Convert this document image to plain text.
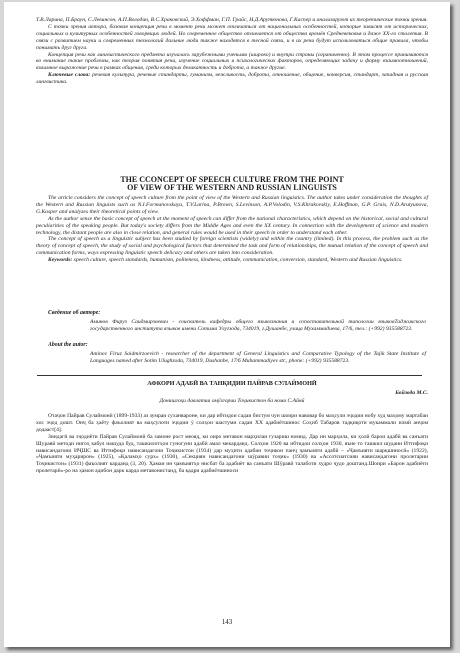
Т.В.Ларина, П.Браун, С.Левинсон, А.П.Володин, В.С.Храковский, Э.Хоффман, Г.П. Грайс, Н.Д.Арутюнова, Г.Каспер и анализируют их теоретические точки зрения.
С точки зрения автора, базовая концепция речи в момент речи может отличаться от национальных особенностей, которые зависят от исторических, социальных и культурных особенностей говорящих людей. Но современное общество отличается от общества времён Средневековья и даже XX-го столетия. В связи с развитием науки и современных технологий дальние люди также находятся в тесной связи, и в их речи будут использоваться общие правила, чтобы понимать друг друга.
Концепция речи как лингвистического предмета изучалась зарубежными учеными (широко) и внутри страны (ограниченно). В этом процессе принимаются во внимание такие проблемы, как теория понятия речи, изучение социальных и психологических факторов, определяющих задачу и форму взаимоотношений, взаимное выражение речи в рамках общения, среди которых деликатность и доброта, а также другие.
Ключевые слова: речевая культура, речевые стандарты, гуманизм, вежливость, доброта, отношение, общение, конверсия, стандарт, западная и русская лингвистика.
THE CCONCEPT OF SPEECH CULTURE FROM THE POINT
OF VIEW OF THE WESTERN AND RUSSIAN LINGUISTS
The article considers the concept of speech culture from the point of view of the Western and Russian linguistics. The author takes under consideration the thoughts of the Western and Russian linguists such as N.I.Formanovskaya, T.V.Larina, P.Brown, S.Levinson, A.P.Volodin, V.S.Khrakovskiy, E.Hoffman, G.P. Grais, N.D.Arutyunova, G.Kasper and analyzes their theoretical points of view.
As the author sense the basic concept of speech at the moment of speech can differ from the national characteristics, which depend on the historical, social and cultural peculiarities of the speaking people. But today's society differs from the Middle Ages and even the XX century. In connection with the development of science and modern technology, the distant people are also in close relation, and general rules would be used in their speech in order to understand each other.
The concept of speech as a linguistic subject has been studied by foreign scientists (widely) and within the country (limited). In this process, the problem such as the theory of concept of speech, the study of social and psychological factors that determined the task and form of relationships, the mutual relation of the concept of speech and communication forms, ways expressing linguistic speech delicacy and others are taken into consideration.
Keywords: speech culture, speech standards, humanism, politeness, kindness, attitude, communication, conversion, standard, Western and Russian linguistics.
Сведение об авторе:
Аминов Фируз Саидмирзоевич - соискатель кафедры общего языкознания и сопоставительной типологии языковТаджикского государственного института языков имени Сотима Улугзода, 734019, г.Душанбе, улица Мухаммадиева, 17/6, тел.: (+992) 935588723.
About the autor:
Aminov Firuz Saidmirzoevich - researcher of the department of General Linguistics and Comparative Typology of the Tajik State Institute of Languages named after Sotim Ulughzoda, 734019, Dushanbe, 17/6 Muhammadiyev str., phone: (+992) 935588723.
АФКОРИ АДАБӢ ВА ТАНҚИДИИ ПАЙРАВ СУЛАЙМОНӢ
Бойзода М.С.
Донишгоҳи давлатии омӯзгории Тоҷикистон ба номи С.Айнӣ
Отаҷон Пайрав Сулаймонӣ (1899-1933) аз зумраи суханвароне, ки дар ибтидои садаи бистум чун шоири навовар бо маҳсули эҷодии нобу худ маҳому мартабаи хос эҷод дошт. Онҷ ба ҳаёту фаъолият ва маҳсулоти эҷодии ӯ солҳои шастуми садаи ХХ адабиётшинос Соҳиб Табаров тадқиқоти мукаммали илмӣ анҷом додааст[4].
Зиндагӣ ва эҷодиёти Пайрав Сулаймонӣ ба замоне рост меояд, ки оиро метавон марҳилаи гузариш номид. Дар ин марҳила, ки ҳолӣ барои адабӣ ва санъати Шуравӣ методи нигоҳ кабул нашуда буд, ташкилотҳои гуногуни адабӣ амал мекарданд. Солҳои 1920 ва ибтидои солҳои 1930, яъне то ташкил шудани Иттифоқи нависандагони ИҶШС ва Иттифоқи нависандагони Тоҷикистон (1934) дар муҳити адабии тоҷикон панҷ ҷамъияти адабӣ – «Ҷамъияти шарқшиносӣ» (1922), «Ҷамъияти муҳарирон» (1925), «Қаламҳо сурх» (1930), «Секцияи нависандагони шӯравии тоҷик» (1930) ва «Ассотсиатсияи нависандагони пролетарии Тоҷикистон» (1931) фаъолият карданд (3, 20). Ҳамаи ин ҷамъиятҳо нисбат ба адабиёт ва санъати Шӯравӣ талаботи худро ҷудо доштанд.Шоири «Барон адабиёти пролетарӣ»-ро на ҳамон адибон дарк карда метавонистанд, ба қадри адабиётшиноси
143
